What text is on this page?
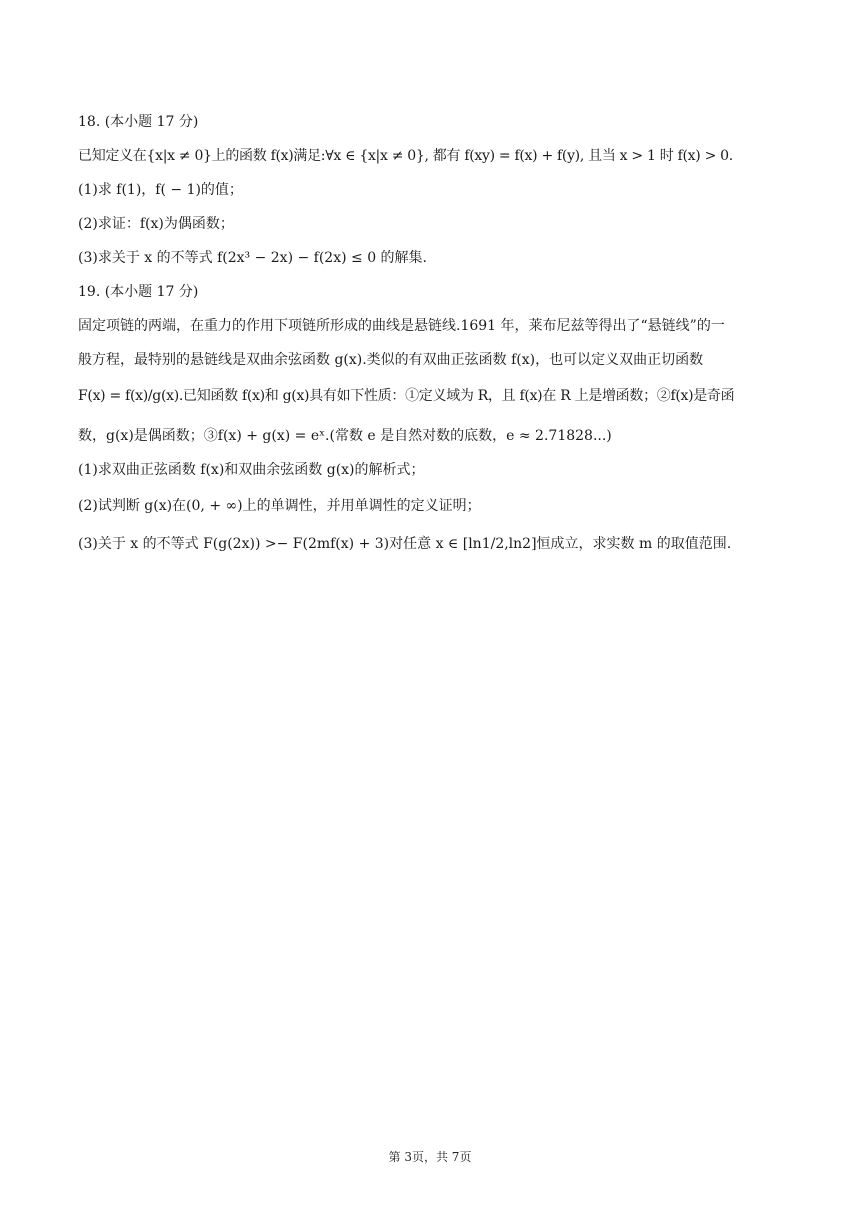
18. (本小题 17 分)
已知定义在{x|x ≠ 0}上的函数 f(x)满足:∀x ∈ {x|x ≠ 0}, 都有 f(xy) = f(x) + f(y), 且当 x > 1 时 f(x) > 0.
(1)求 f(1)，f( − 1)的值；
(2)求证：f(x)为偶函数；
(3)求关于 x 的不等式 f(2x³ − 2x) − f(2x) ≤ 0 的解集.
19. (本小题 17 分)
固定项链的两端，在重力的作用下项链所形成的曲线是悬链线.1691 年，莱布尼兹等得出了“悬链线”的一
般方程，最特别的悬链线是双曲余弦函数 g(x).类似的有双曲正弦函数 f(x)，也可以定义双曲正切函数
F(x) = f(x)/g(x).已知函数 f(x)和 g(x)具有如下性质：①定义域为 R，且 f(x)在 R 上是增函数；②f(x)是奇函
数，g(x)是偶函数；③f(x) + g(x) = eˣ.(常数 e 是自然对数的底数，e ≈ 2.71828...)
(1)求双曲正弦函数 f(x)和双曲余弦函数 g(x)的解析式；
(2)试判断 g(x)在(0, + ∞)上的单调性，并用单调性的定义证明；
(3)关于 x 的不等式 F(g(2x)) >− F(2mf(x) + 3)对任意 x ∈ [ln1/2,ln2]恒成立，求实数 m 的取值范围.
第 3页，共 7页
